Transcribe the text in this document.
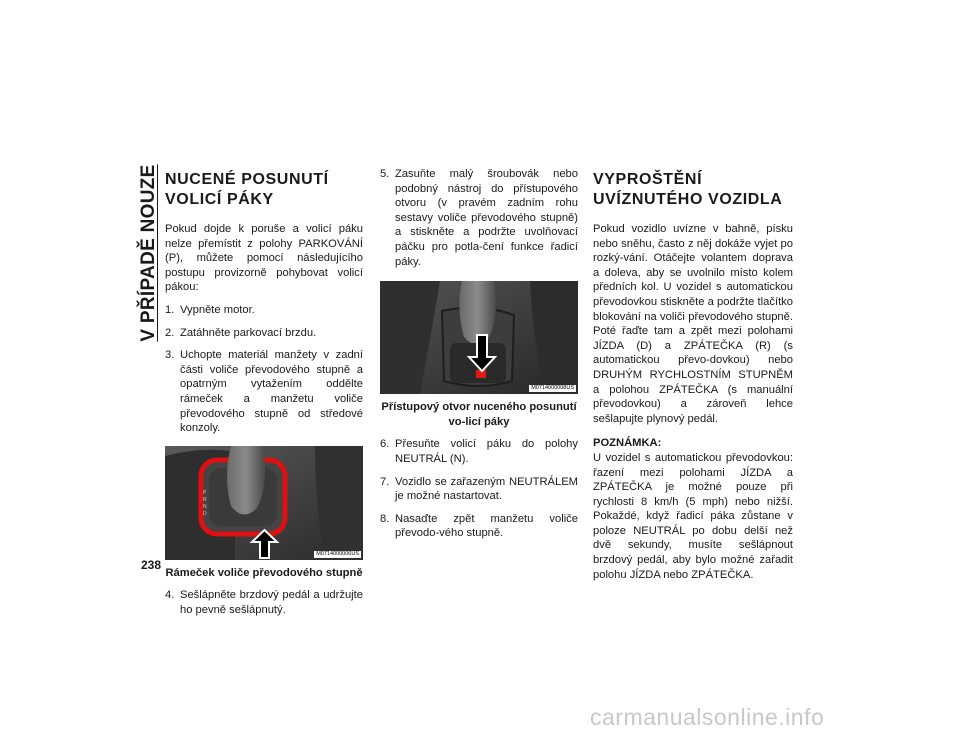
V PŘÍPADĚ NOUZE
238
NUCENÉ POSUNUTÍ VOLICÍ PÁKY

Pokud dojde k poruše a volicí páku nelze přemístit z polohy PARKOVÁNÍ (P), můžete pomocí následujícího postupu provizorně pohybovat volicí pákou:

1. Vypněte motor.
2. Zatáhněte parkovací brzdu.
3. Uchopte materiál manžety v zadní části voliče převodového stupně a opatrným vytažením oddělte rámeček a manžetu voliče převodového stupně od středové konzoly.
P
R
N
D
M0714000006US
Rámeček voliče převodového stupně
4. Sešlápněte brzdový pedál a udržujte ho pevně sešlápnutý.
5. Zasuňte malý šroubovák nebo podobný nástroj do přístupového otvoru (v pravém zadním rohu sestavy voliče převodového stupně) a stiskněte a podržte uvolňovací páčku pro potla-čení funkce řadicí páky.
M0714000008US
Přístupový otvor nuceného posunutí vo-licí páky
6. Přesuňte volicí páku do polohy NEUTRÁL (N).
7. Vozidlo se zařazeným NEUTRÁLEM je možné nastartovat.
8. Nasaďte zpět manžetu voliče převodo-vého stupně.
VYPROŠTĚNÍ UVÍZNUTÉHO VOZIDLA

Pokud vozidlo uvízne v bahně, písku nebo sněhu, často z něj dokáže vyjet po rozký-vání. Otáčejte volantem doprava a doleva, aby se uvolnilo místo kolem předních kol. U vozidel s automatickou převodovkou stiskněte a podržte tlačítko blokování na voliči převodového stupně. Poté řaďte tam a zpět mezi polohami JÍZDA (D) a ZPÁTEČKA (R) (s automatickou převo-dovkou) nebo DRUHÝM RYCHLOSTNÍM STUPNĚM a polohou ZPÁTEČKA (s manuální převodovkou) a zároveň lehce sešlapujte plynový pedál.

POZNÁMKA:

U vozidel s automatickou převodovkou: řazení mezi polohami JÍZDA a ZPÁTEČKA je možné pouze při rychlosti 8 km/h (5 mph) nebo nižší. Pokaždé, když řadicí páka zůstane v poloze NEUTRÁL po dobu delší než dvě sekundy, musíte sešlápnout brzdový pedál, aby bylo možné zařadit polohu JÍZDA nebo ZPÁTEČKA.

carmanualsonline.info
